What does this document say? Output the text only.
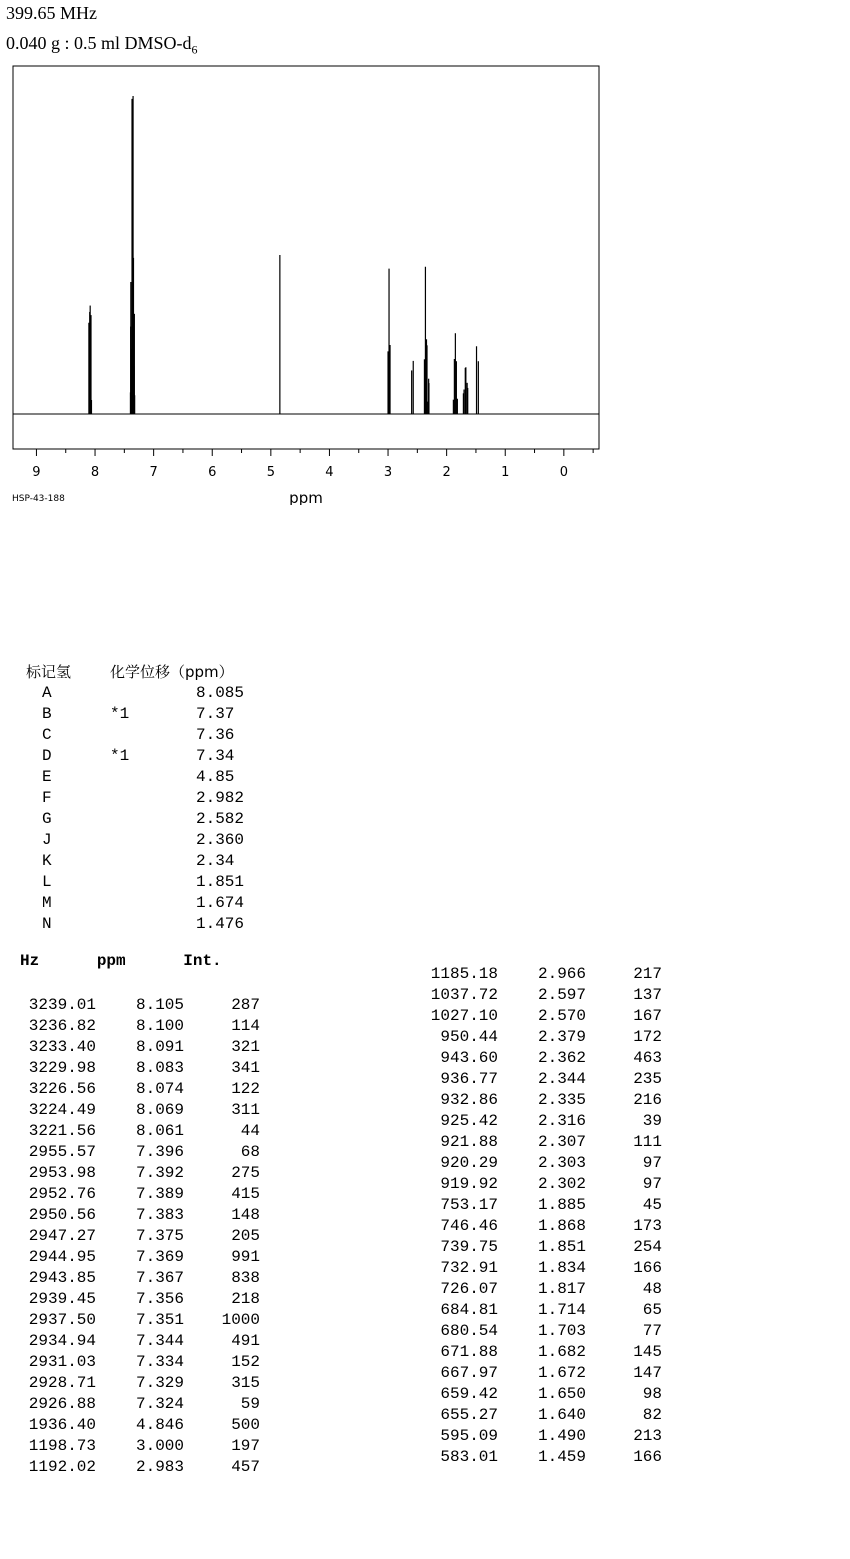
399.65 MHz
0.040 g : 0.5 ml DMSO-$d_6$
9	8	7	6	5	4	3	2	1	0
ppm
HSP-43-188
标记氢	化学位移（ppm）
A	8.085
B	*1	7.37
C	7.36
D	*1	7.34
E	4.85
F	2.982
G	2.582
J	2.360
K	2.34
L	1.851
M	1.674
N	1.476
Hz	ppm	Int.
3239.01	8.105	287
3236.82	8.100	114
3233.40	8.091	321
3229.98	8.083	341
3226.56	8.074	122
3224.49	8.069	311
3221.56	8.061	44
2955.57	7.396	68
2953.98	7.392	275
2952.76	7.389	415
2950.56	7.383	148
2947.27	7.375	205
2944.95	7.369	991
2943.85	7.367	838
2939.45	7.356	218
2937.50	7.351	1000
2934.94	7.344	491
2931.03	7.334	152
2928.71	7.329	315
2926.88	7.324	59
1936.40	4.846	500
1198.73	3.000	197
1192.02	2.983	457
1185.18	2.966	217
1037.72	2.597	137
1027.10	2.570	167
950.44	2.379	172
943.60	2.362	463
936.77	2.344	235
932.86	2.335	216
925.42	2.316	39
921.88	2.307	111
920.29	2.303	97
919.92	2.302	97
753.17	1.885	45
746.46	1.868	173
739.75	1.851	254
732.91	1.834	166
726.07	1.817	48
684.81	1.714	65
680.54	1.703	77
671.88	1.682	145
667.97	1.672	147
659.42	1.650	98
655.27	1.640	82
595.09	1.490	213
583.01	1.459	166
